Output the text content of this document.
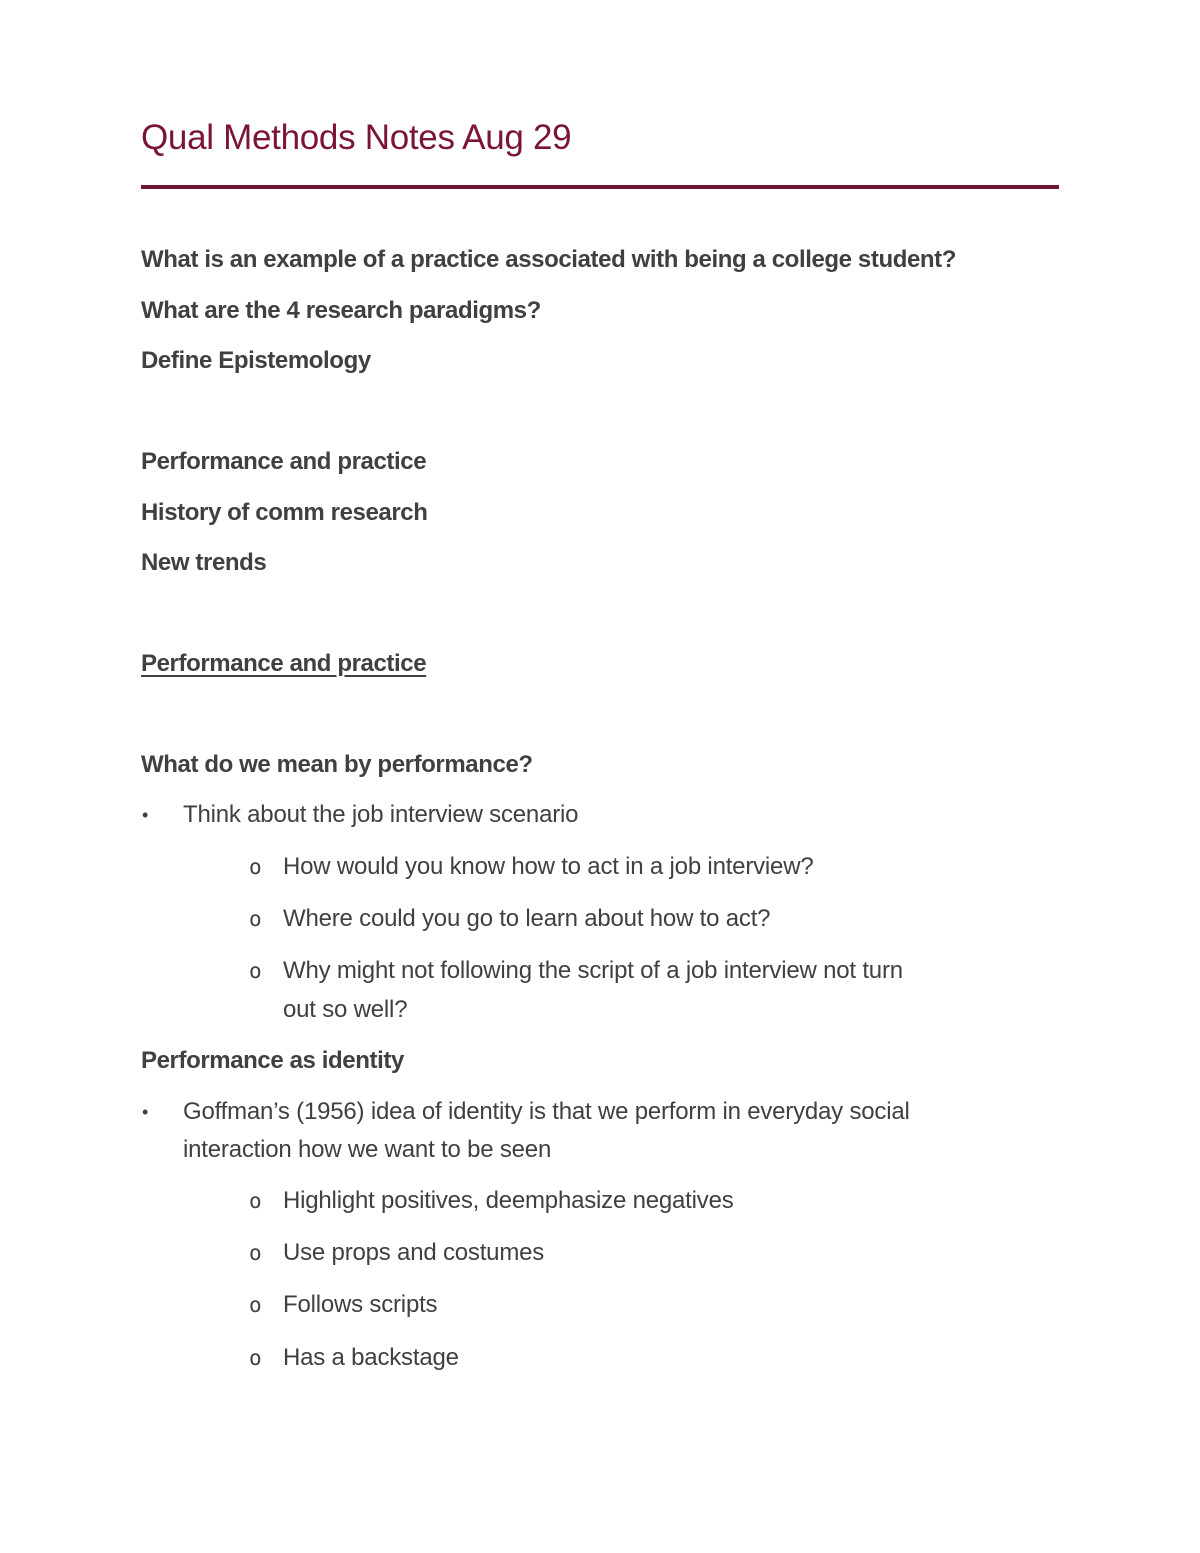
Qual Methods Notes Aug 29
What is an example of a practice associated with being a college student?
What are the 4 research paradigms?
Define Epistemology
Performance and practice
History of comm research
New trends
Performance and practice
What do we mean by performance?
• Think about the job interview scenario
o How would you know how to act in a job interview?
o Where could you go to learn about how to act?
o Why might not following the script of a job interview not turn
out so well?
Performance as identity
• Goffman’s (1956) idea of identity is that we perform in everyday social
interaction how we want to be seen
o Highlight positives, deemphasize negatives
o Use props and costumes
o Follows scripts
o Has a backstage
